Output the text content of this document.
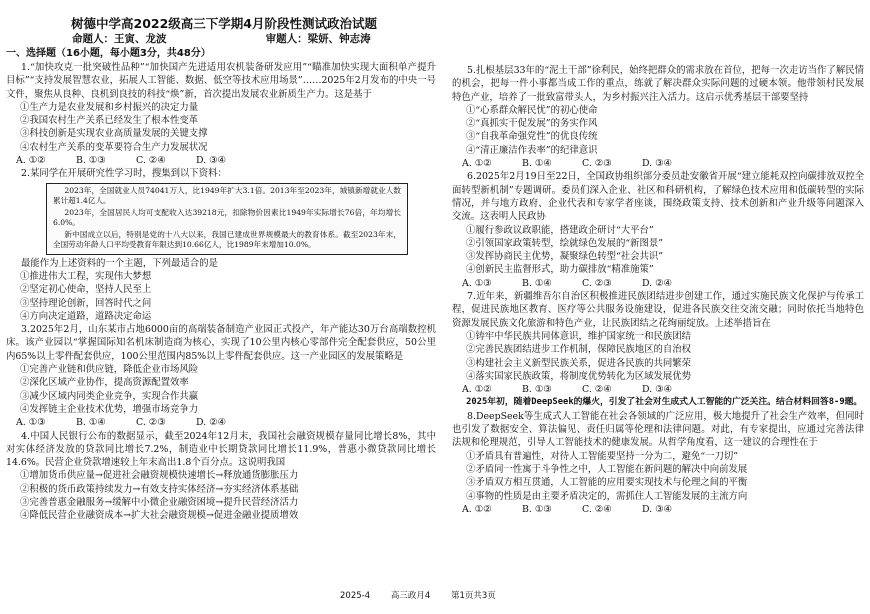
树德中学高2022级高三下学期4月阶段性测试政治试题
命题人：王寅、龙波	审题人：梁妍、钟志涛
一、选择题（16小题，每小题3分，共48分）

1.“加快攻克一批突破性品种”“加快国产先进适用农机装备研发应用”“瞄准加快实现大面积单产提升目标”“支持发展智慧农业，拓展人工智能、数据、低空等技术应用场景”……2025年2月发布的中央一号文件，聚焦从良种、良机到良技的科技“焕”新，首次提出发展农业新质生产力。这是基于

①生产力是农业发展和乡村振兴的决定力量

②我国农村生产关系已经发生了根本性变革

③科技创新是实现农业高质量发展的关键支撑

④农村生产关系的变革要符合生产力发展状况

A. ①②	B. ①③	C. ②④	D. ③④

2.某同学在开展研究性学习时，搜集到以下资料：

2023年，全国就业人员74041万人，比1949年扩大3.1倍。2013年至2023年，城镇新增就业人数累计超1.4亿人。

2023年，全国居民人均可支配收入达39218元，扣除物价因素比1949年实际增长76倍，年均增长6.0%。

新中国成立以后，特别是党的十八大以来，我国已建成世界规模最大的教育体系。截至2023年末，全国劳动年龄人口平均受教育年限达到10.66亿人，比1989年末增加10.0%。

最能作为上述资料的一个主题，下列最适合的是

①推进伟大工程，实现伟大梦想

②坚定初心使命，坚持人民至上

③坚持理论创新，回答时代之问

④方向决定道路，道路决定命运

3.2025年2月，山东某市占地6000亩的高端装备制造产业园正式投产，年产能达30万台高端数控机床。该产业园以“掌握国际知名机床制造商为核心，实现了10公里内核心零部件完全配套供应，50公里内65%以上零件配套供应，100公里范围内85%以上零件配套供应。这一产业园区的发展策略是

①完善产业链和供应链，降低企业市场风险

②深化区域产业协作，提高资源配置效率

③减少区域内同类企业竞争，实现合作共赢

④发挥链主企业技术优势，增强市场竞争力

A. ①③	B. ①④	C. ②③	D. ②④

4.中国人民银行公布的数据显示，截至2024年12月末，我国社会融资规模存量同比增长8%，其中对实体经济发放的贷款同比增长7.2%，制造业中长期贷款同比增长11.9%，普惠小微贷款同比增长14.6%。民营企业贷款增速较上年末高出1.8个百分点。这说明我国

①增加货币供应量→促进社会融资规模快速增长→释放通货膨胀压力

②积极的货币政策持续发力→有效支持实体经济→夯实经济体系基础

③完善普惠金融服务→缓解中小微企业融资困境→提升民营经济活力

④降低民营企业融资成本→扩大社会融资规模→促进金融业提质增效

5.扎根基层33年的“泥土干部”徐利民，始终把群众的需求放在首位，把每一次走访当作了解民情的机会，把每一件小事都当成工作的重点，练就了解决群众实际问题的过硬本领。他带领村民发展特色产业，培养了一批致富带头人，为乡村振兴注入活力。这启示优秀基层干部要坚持

①“心系群众解民忧”的初心使命

②“真抓实干促发展”的务实作风

③“自我革命强党性”的优良传统

④“清正廉洁作表率”的纪律意识

A. ①②	B. ①④	C. ②③	D. ③④

6.2025年2月19日至22日，全国政协组织部分委员赴安徽省开展“建立能耗双控向碳排放双控全面转型新机制”专题调研。委员们深入企业、社区和科研机构，了解绿色技术应用和低碳转型的实际情况，并与地方政府、企业代表和专家学者座谈，围绕政策支持、技术创新和产业升级等问题深入交流。这表明人民政协

①履行参政议政职能，搭建政企研讨“大平台”

②引领国家政策转型，绘就绿色发展的“新图景”

③发挥协商民主优势，凝聚绿色转型“社会共识”

④创新民主监督形式，助力碳排放“精准施策”

A. ①③	B. ①④	C. ②③	D. ②④

7.近年来，新疆维吾尔自治区积极推进民族团结进步创建工作，通过实施民族文化保护与传承工程，促进民族地区教育、医疗等公共服务设施建设，促进各民族交往交流交融；同时依托当地特色资源发展民族文化旅游和特色产业，让民族团结之花绚丽绽放。上述举措旨在

①铸牢中华民族共同体意识，维护国家统一和民族团结

②完善民族团结进步工作机制，保障民族地区的自治权

③构建社会主义新型民族关系，促进各民族的共同繁荣

④落实国家民族政策，将制度优势转化为区域发展优势

A. ①②	B. ①③	C. ②④	D. ③④

2025年初，随着DeepSeek的爆火，引发了社会对生成式人工智能的广泛关注。结合材料回答8-9题。

8.DeepSeek等生成式人工智能在社会各领域的广泛应用，极大地提升了社会生产效率，但同时也引发了数据安全、算法偏见、责任归属等伦理和法律问题。对此，有专家提出，应通过完善法律法规和伦理规范，引导人工智能技术的健康发展。从哲学角度看，这一建议的合理性在于

①矛盾具有普遍性，对待人工智能要坚持一分为二，避免“一刀切”

②矛盾同一性寓于斗争性之中，人工智能在新问题的解决中向前发展

③矛盾双方相互贯通，人工智能的应用要实现技术与伦理之间的平衡

④事物的性质是由主要矛盾决定的，需抓住人工智能发展的主流方向

A. ①②	B. ①③	C. ②④	D. ③④
2025-4 高三政月4 第1页共3页
